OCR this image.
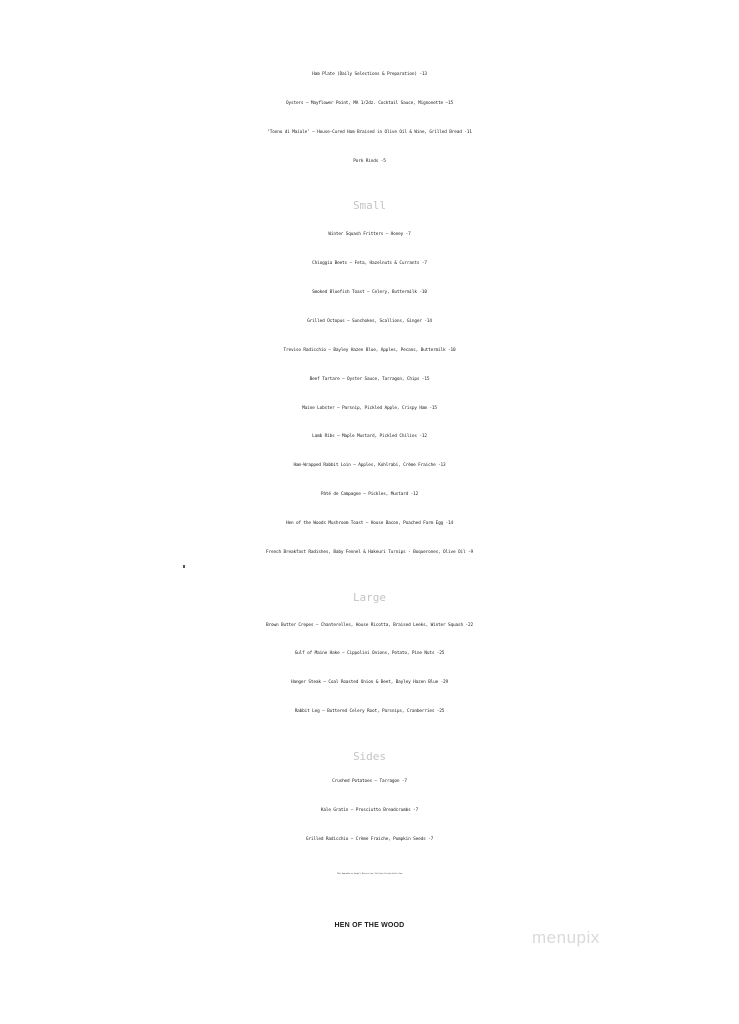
Ham Plate (Daily Selections & Preparation) -13
Oysters – Mayflower Point, MA 1/2dz. Cocktail Sauce, Mignonette –15
‘Tonno di Maiale’ – House-Cured Ham Braised in Olive Oil & Wine, Grilled Bread -11
Pork Rinds -5
Small
Winter Squash Fritters – Honey -7
Chioggia Beets – Feta, Hazelnuts & Currants -7
Smoked Bluefish Toast – Celery, Buttermilk -10
Grilled Octopus – Sunchokes, Scallions, Ginger -14
Treviso Radicchio – Bayley Hazen Blue, Apples, Pecans, Buttermilk -10
Beef Tartare – Oyster Sauce, Tarragon, Chips -15
Maine Lobster – Parsnip, Pickled Apple, Crispy Ham -15
Lamb Ribs – Maple Mustard, Pickled Chilies -12
Ham-Wrapped Rabbit Loin – Apples, Kohlrabi, Crème Fraiche -13
Pâté de Campagne – Pickles, Mustard -12
Hen of the Woods Mushroom Toast – House Bacon, Poached Farm Egg -14
French Breakfast Radishes, Baby Fennel & Hakeuri Turnips - Boquerones, Olive Oil -9
Large
Brown Butter Crepes – Chanterelles, House Ricotta, Braised Leeks, Winter Squash -22
Gulf of Maine Hake – Cippolini Onions, Potato, Pine Nuts -25
Hanger Steak – Coal Roasted Onion & Beet, Bayley Hazen Blue -29
Rabbit Leg – Buttered Celery Root, Parsnips, Cranberries -25
Sides
Crushed Potatoes – Tarragon -7
Kale Gratin – Prosciutto Breadcrumbs -7
Grilled Radicchio – Crème Fraiche, Pumpkin Seeds -7
*Most Vegetables on Tonight’s Menu are from ½ Pint Farm & Jericho Settler Farm
HEN OF THE WOOD
menupix
